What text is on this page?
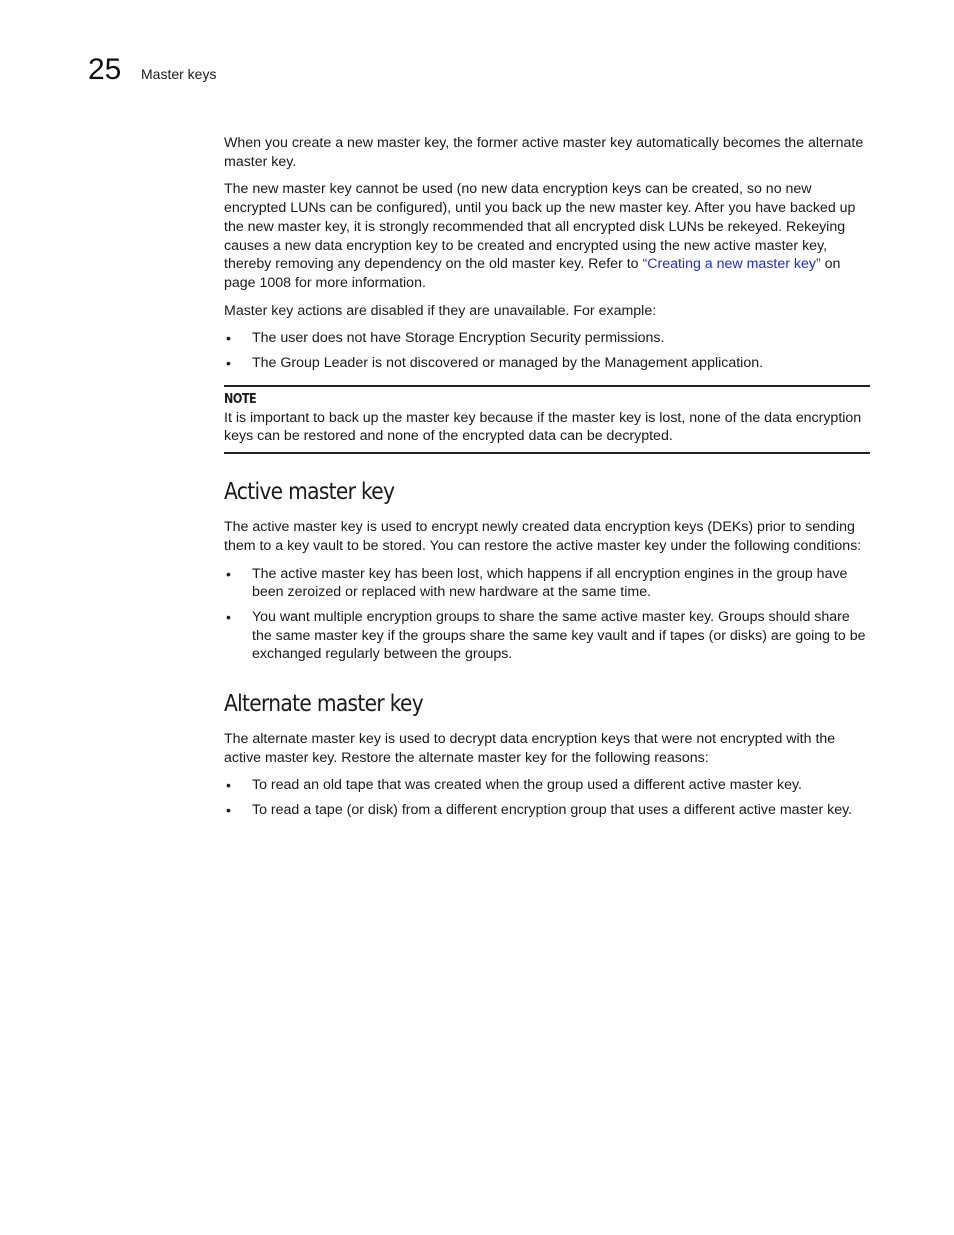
25 Master keys

When you create a new master key, the former active master key automatically becomes the alternate master key.

The new master key cannot be used (no new data encryption keys can be created, so no new encrypted LUNs can be configured), until you back up the new master key. After you have backed up the new master key, it is strongly recommended that all encrypted disk LUNs be rekeyed. Rekeying causes a new data encryption key to be created and encrypted using the new active master key, thereby removing any dependency on the old master key. Refer to “Creating a new master key” on page 1008 for more information.

Master key actions are disabled if they are unavailable. For example:

• The user does not have Storage Encryption Security permissions.
• The Group Leader is not discovered or managed by the Management application.
NOTE
It is important to back up the master key because if the master key is lost, none of the data encryption keys can be restored and none of the encrypted data can be decrypted.
Active master key

The active master key is used to encrypt newly created data encryption keys (DEKs) prior to sending them to a key vault to be stored. You can restore the active master key under the following conditions:

• The active master key has been lost, which happens if all encryption engines in the group have been zeroized or replaced with new hardware at the same time.
• You want multiple encryption groups to share the same active master key. Groups should share the same master key if the groups share the same key vault and if tapes (or disks) are going to be exchanged regularly between the groups.
Alternate master key

The alternate master key is used to decrypt data encryption keys that were not encrypted with the active master key. Restore the alternate master key for the following reasons:

• To read an old tape that was created when the group used a different active master key.
• To read a tape (or disk) from a different encryption group that uses a different active master key.
